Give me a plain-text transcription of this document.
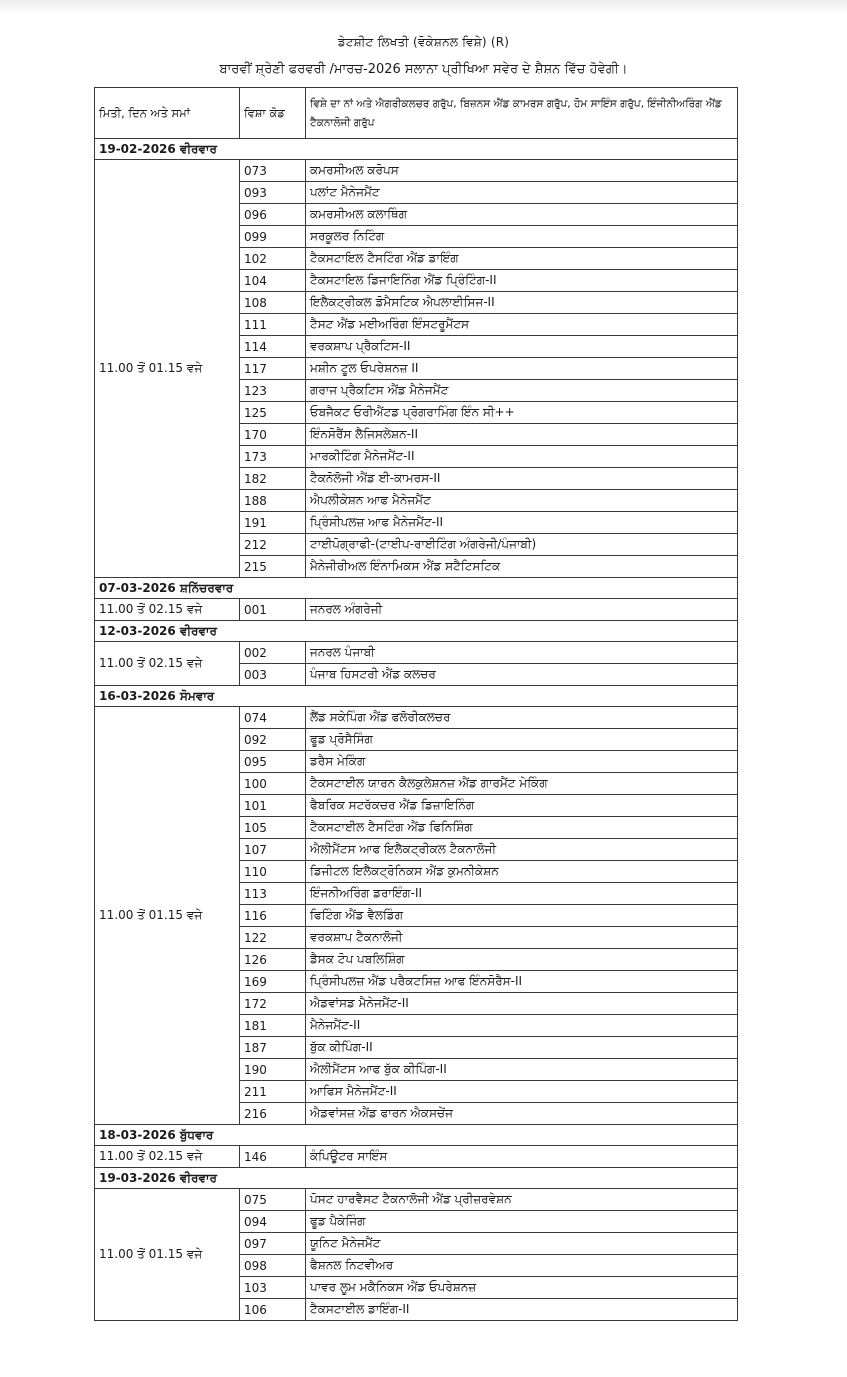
ਡੇਟਸ਼ੀਟ ਲਿਖਤੀ (ਵੋਕੇਸ਼ਨਲ ਵਿਸ਼ੇ) (R)
ਬਾਰਵੀਂ ਸ਼੍ਰੇਣੀ ਫਰਵਰੀ /ਮਾਰਚ-2026 ਸਲਾਨਾ ਪ੍ਰੀਖਿਆ ਸਵੇਰ ਦੇ ਸ਼ੈਸ਼ਨ ਵਿੱਚ ਹੋਵੇਗੀ।
ਮਿਤੀ, ਦਿਨ ਅਤੇ ਸਮਾਂ	ਵਿਸ਼ਾ ਕੋਡ	ਵਿਸ਼ੇ ਦਾ ਨਾਂ ਅਤੇ ਐਗਰੀਕਲਚਰ ਗਰੁੱਪ, ਬਿਜ਼ਨਸ ਐਂਡ ਕਾਮਰਸ ਗਰੁੱਪ, ਹੋਮ ਸਾਇੰਸ ਗਰੁੱਪ, ਇੰਜੀਨੀਅਰਿੰਗ ਐਂਡ ਟੈਕਨਾਲੋਜੀ ਗਰੁੱਪ
19-02-2026 ਵੀਰਵਾਰ		
11.00 ਤੋਂ 01.15 ਵਜੇ	073	ਕਮਰਸੀਅਲ ਕਰੋਪਸ
	093	ਪਲਾਂਟ ਮੈਨੇਜਮੈਂਟ
	096	ਕਮਰਸੀਅਲ ਕਲਾਥਿੰਗ
	099	ਸਰਕੂਲਰ ਨਿਟਿੰਗ
	102	ਟੈਕਸਟਾਇਲ ਟੈਸਟਿੰਗ ਐਂਡ ਡਾਇੰਗ
	104	ਟੈਕਸਟਾਇਲ ਡਿਜਾਇਨਿੰਗ ਐਂਡ ਪ੍ਰਿੰਟਿੰਗ-II
	108	ਇਲੈਕਟ੍ਰੀਕਲ ਡੋਮੈਸਟਿਕ ਐਪਲਾਈਸਿਜ-II
	111	ਟੈਸਟ ਐਂਡ ਮਈਅਰਿੰਗ ਇੰਸਟਰੂਮੈਂਟਸ
	114	ਵਰਕਸ਼ਾਪ ਪ੍ਰੈਕਟਿਸ-II
	117	ਮਸ਼ੀਨ ਟੂਲ ਓਪਰੇਸ਼ਨਜ਼ II
	123	ਗਰਾਜ ਪ੍ਰੈਕਟਿਸ ਐਂਡ ਮੈਨੇਜਮੈਂਟ
	125	ਓਬਜੈਕਟ ਓਰੀਐਂਟਡ ਪ੍ਰੋਗਰਾਮਿੰਗ ਇੰਨ ਸੀ++
	170	ਇੰਨਸੋਰੈਂਸ ਲੈਜਿਸਲੇਸ਼ਨ-II
	173	ਮਾਰਕੀਟਿੰਗ ਮੈਨੇਜਮੈਂਟ-II
	182	ਟੈਕਨੋਲੋਜੀ ਐਂਡ ਈ-ਕਾਮਰਸ-II
	188	ਐਪਲੀਕੇਸ਼ਨ ਆਫ ਮੈਨੇਜਮੈਂਟ
	191	ਪ੍ਰਿੰਸੀਪਲਜ਼ ਆਫ ਮੈਨੇਜਮੈਂਟ-II
	212	ਟਾਈਪੋਗ੍ਰਾਫੀ-(ਟਾਈਪ-ਰਾਈਟਿੰਗ ਅੰਗਰੇਜੀ/ਪੰਜਾਬੀ)
	215	ਮੈਨੇਜੀਰੀਅਲ ਇੰਨਾਮਿਕਸ ਐਂਡ ਸਟੈਟਿਸਟਿਕ
07-03-2026 ਸ਼ਨਿੱਚਰਵਾਰ		
11.00 ਤੋਂ 02.15 ਵਜੇ	001	ਜਨਰਲ ਅੰਗਰੇਜੀ
12-03-2026 ਵੀਰਵਾਰ		
11.00 ਤੋਂ 02.15 ਵਜੇ	002	ਜਨਰਲ ਪੰਜਾਬੀ
	003	ਪੰਜਾਬ ਹਿਸਟਰੀ ਐਂਡ ਕਲਚਰ
16-03-2026 ਸੋਮਵਾਰ		
11.00 ਤੋਂ 01.15 ਵਜੇ	074	ਲੈਂਡ ਸਕੇਪਿੰਗ ਐਂਡ ਫਲੋਰੀਕਲਚਰ
	092	ਫੂਡ ਪ੍ਰੋਸੈਸਿੰਗ
	095	ਡਰੈਸ ਮੇਕਿੰਗ
	100	ਟੈਕਸਟਾਈਲ ਯਾਰਨ ਕੈਲਕੁਲੇਸ਼ਨਜ਼ ਐਂਡ ਗਾਰਮੈਂਟ ਮੇਕਿੰਗ
	101	ਫੈਬਰਿਕ ਸਟਰੱਕਚਰ ਐਂਡ ਡਿਜ਼ਾਇਨਿੰਗ
	105	ਟੈਕਸਟਾਈਲ ਟੈਸਟਿੰਗ ਐਂਡ ਫਿਨਿਸ਼ਿੰਗ
	107	ਐਲੀਮੈਂਟਸ ਆਫ ਇਲੈਕਟ੍ਰੀਕਲ ਟੈਕਨਾਲੋਜੀ
	110	ਡਿਜੀਟਲ ਇਲੈਕਟ੍ਰੋਨਿਕਸ ਐਂਡ ਕੁਮਨੀਕੇਸ਼ਨ
	113	ਇੰਜਨੀਅਰਿੰਗ ਡਰਾਇੰਗ-II
	116	ਫਿਟਿੰਗ ਐਂਡ ਵੈਲਡਿੰਗ
	122	ਵਰਕਸ਼ਾਪ ਟੈਕਨਾਲੋਜੀ
	126	ਡੈਸਕ ਟੋਪ ਪਬਲਿਸ਼ਿੰਗ
	169	ਪ੍ਰਿੰਸੀਪਲਜ਼ ਐਂਡ ਪਰੈਕਟਸਿਜ਼ ਆਫ ਇੰਨਸੋਰੈਸ-II
	172	ਐਡਵਾਂਸਡ ਮੈਨੇਜਮੈਂਟ-II
	181	ਮੈਨੇਜਮੈਂਟ-II
	187	ਬੁੱਕ ਕੀਪਿੰਗ-II
	190	ਐਲੀਮੈਂਟਸ ਆਫ ਬੁੱਕ ਕੀਪਿੰਗ-II
	211	ਆਫਿਸ ਮੈਨੇਜਮੈਂਟ-II
	216	ਐਡਵਾਂਸਜ਼ ਐਂਡ ਫਾਰਨ ਐਕਸਚੇਂਜ
18-03-2026 ਬੁੱਧਵਾਰ		
11.00 ਤੋਂ 02.15 ਵਜੇ	146	ਕੰਪਿਊਟਰ ਸਾਇੰਸ
19-03-2026 ਵੀਰਵਾਰ		
11.00 ਤੋਂ 01.15 ਵਜੇ	075	ਪੋਸਟ ਹਾਰਵੈਸਟ ਟੈਕਨਾਲੋਜੀ ਐਂਡ ਪ੍ਰੀਜ਼ਰਵੇਸ਼ਨ
	094	ਫੂਡ ਪੈਕੇਜਿੰਗ
	097	ਯੂਨਿਟ ਮੈਨੇਜਮੈਂਟ
	098	ਫੈਸ਼ਨਲ ਨਿਟਵੀਅਰ
	103	ਪਾਵਰ ਲੂਮ ਮਕੈਨਿਕਸ ਐਂਡ ਓਪਰੇਸ਼ਨਜ਼
	106	ਟੈਕਸਟਾਈਲ ਡਾਇੰਗ-II
